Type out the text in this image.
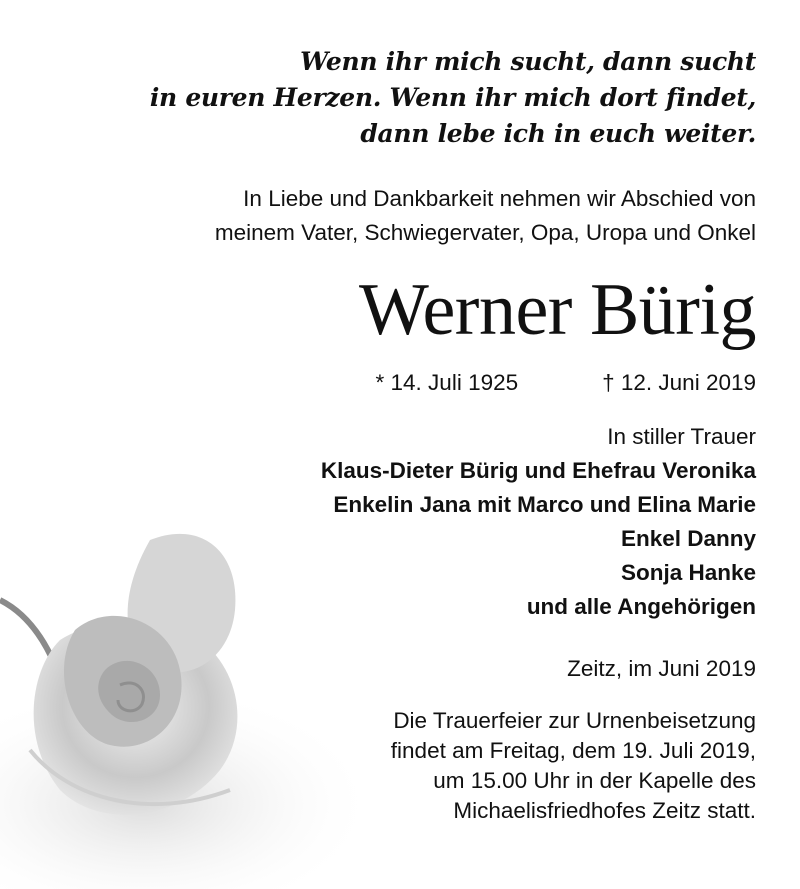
Wenn ihr mich sucht, dann sucht
in euren Herzen. Wenn ihr mich dort findet,
dann lebe ich in euch weiter.
In Liebe und Dankbarkeit nehmen wir Abschied von
meinem Vater, Schwiegervater, Opa, Uropa und Onkel
Werner Bürig
* 14. Juli 1925	† 12. Juni 2019
In stiller Trauer
Klaus-Dieter Bürig und Ehefrau Veronika
Enkelin Jana mit Marco und Elina Marie
Enkel Danny
Sonja Hanke
und alle Angehörigen
Zeitz, im Juni 2019
Die Trauerfeier zur Urnenbeisetzung
findet am Freitag, dem 19. Juli 2019,
um 15.00 Uhr in der Kapelle des
Michaelisfriedhofes Zeitz statt.
